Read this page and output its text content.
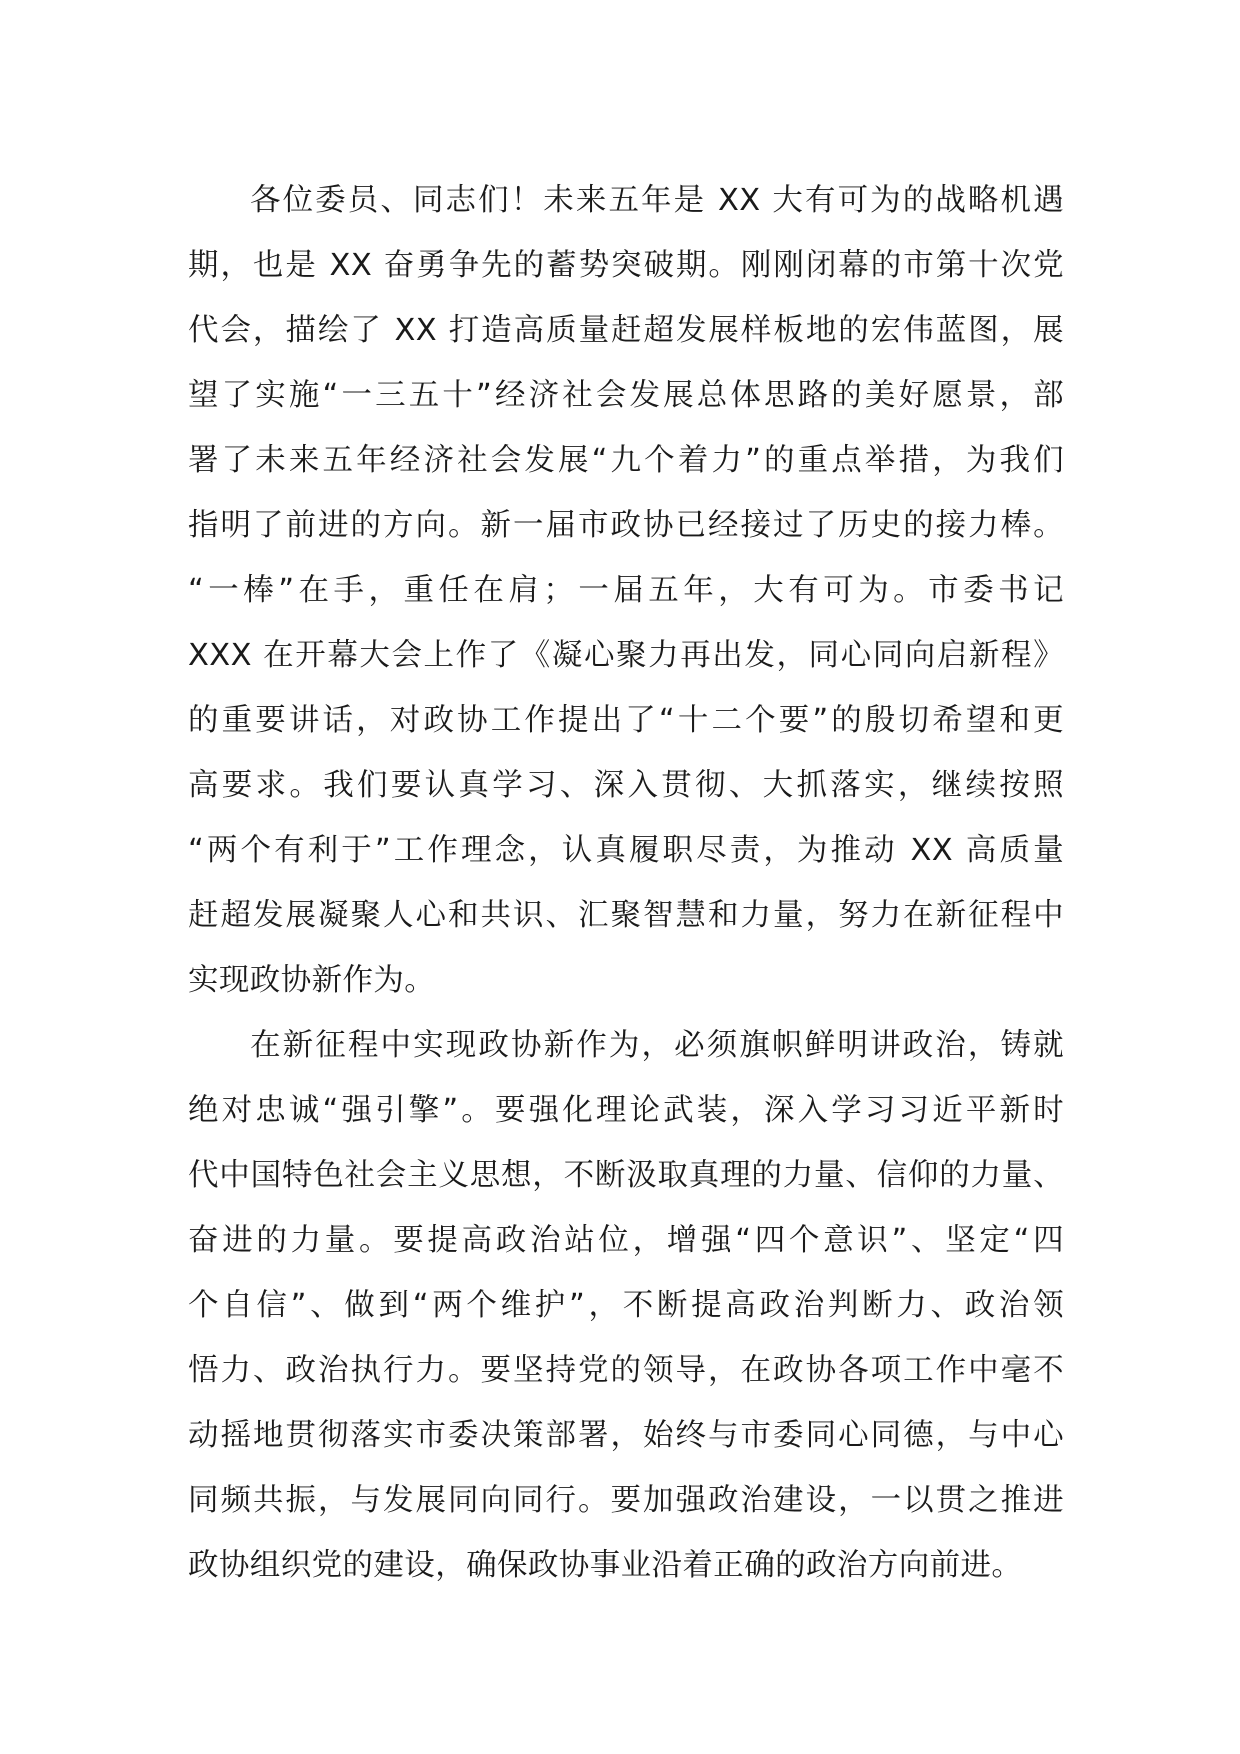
各位委员、同志们！未来五年是 XX 大有可为的战略机遇
期，也是 XX 奋勇争先的蓄势突破期。刚刚闭幕的市第十次党
代会，描绘了 XX 打造高质量赶超发展样板地的宏伟蓝图，展
望了实施“一三五十”经济社会发展总体思路的美好愿景，部
署了未来五年经济社会发展“九个着力”的重点举措，为我们
指明了前进的方向。新一届市政协已经接过了历史的接力棒。
“一棒”在手，重任在肩；一届五年，大有可为。市委书记
XXX 在开幕大会上作了《凝心聚力再出发，同心同向启新程》
的重要讲话，对政协工作提出了“十二个要”的殷切希望和更
高要求。我们要认真学习、深入贯彻、大抓落实，继续按照
“两个有利于”工作理念，认真履职尽责，为推动 XX 高质量
赶超发展凝聚人心和共识、汇聚智慧和力量，努力在新征程中
实现政协新作为。
在新征程中实现政协新作为，必须旗帜鲜明讲政治，铸就
绝对忠诚“强引擎”。要强化理论武装，深入学习习近平新时
代中国特色社会主义思想，不断汲取真理的力量、信仰的力量、
奋进的力量。要提高政治站位，增强“四个意识”、坚定“四
个自信”、做到“两个维护”，不断提高政治判断力、政治领
悟力、政治执行力。要坚持党的领导，在政协各项工作中毫不
动摇地贯彻落实市委决策部署，始终与市委同心同德，与中心
同频共振，与发展同向同行。要加强政治建设，一以贯之推进
政协组织党的建设，确保政协事业沿着正确的政治方向前进。
